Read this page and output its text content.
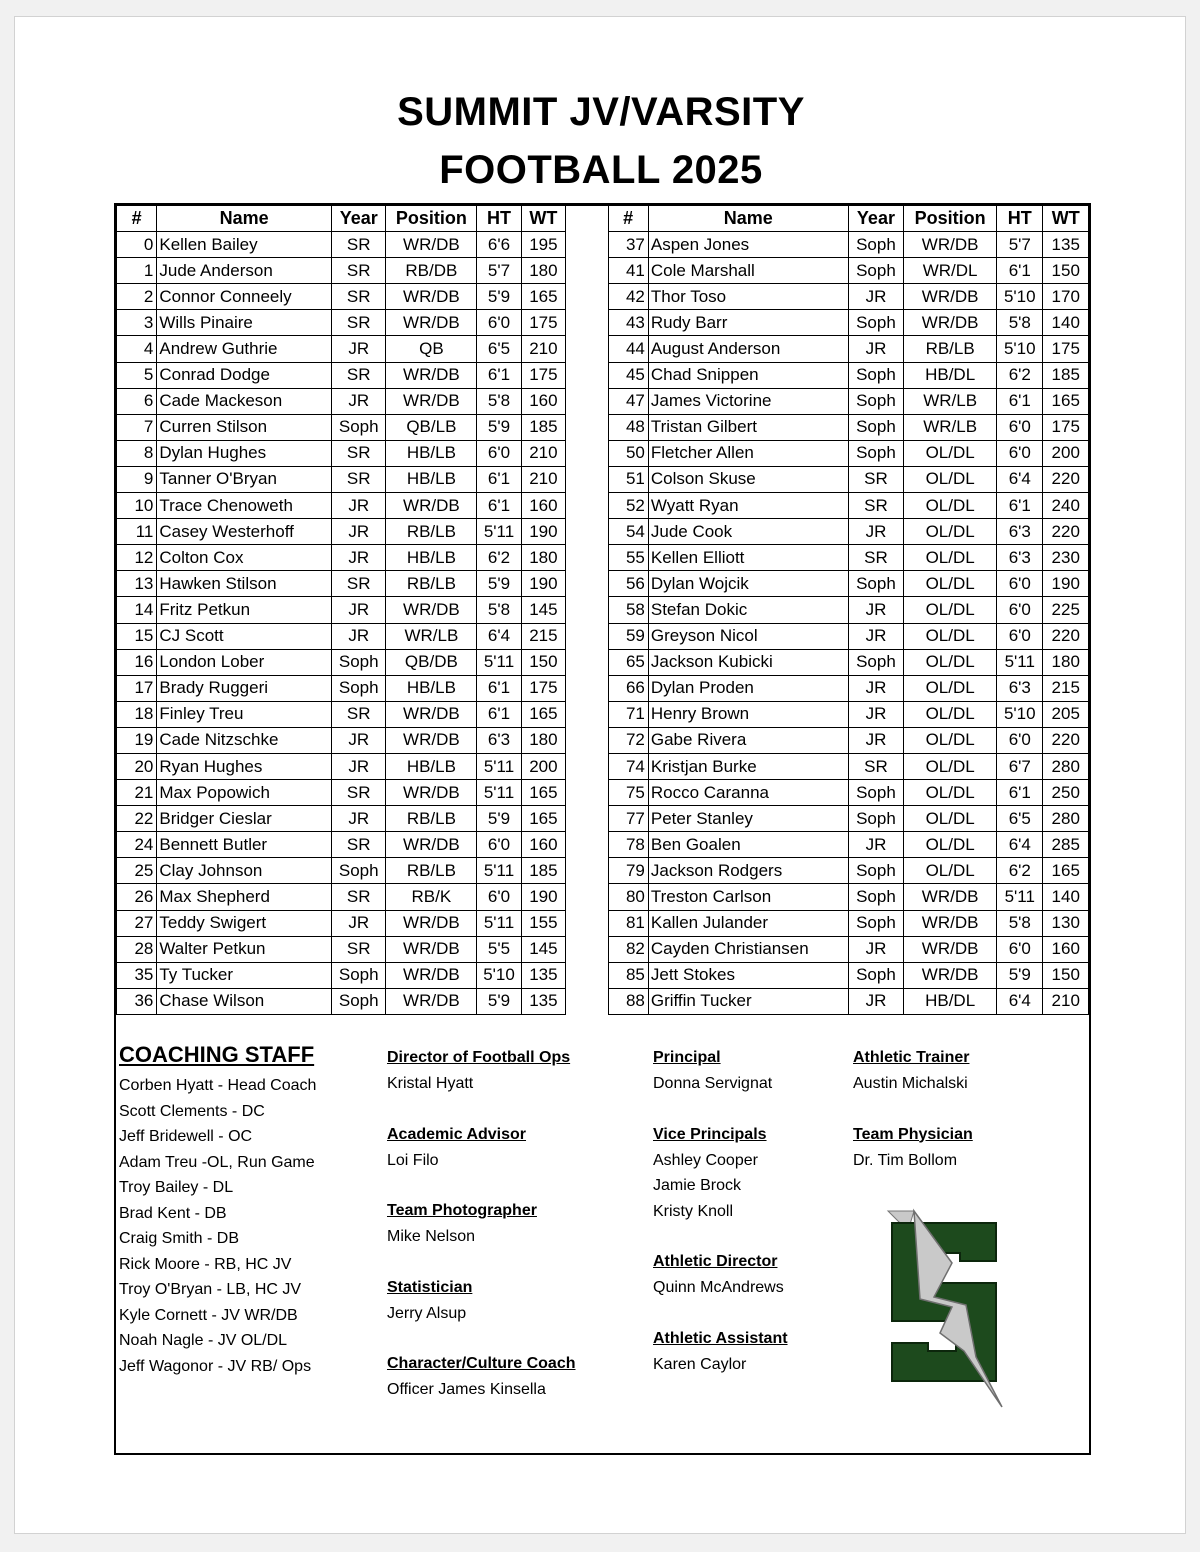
SUMMIT JV/VARSITY
FOOTBALL 2025
#	Name	Year	Position	HT	WT		#	Name	Year	Position	HT	WT
0	Kellen Bailey	SR	WR/DB	6'6	195		37	Aspen Jones	Soph	WR/DB	5'7	135
1	Jude Anderson	SR	RB/DB	5'7	180		41	Cole Marshall	Soph	WR/DL	6'1	150
2	Connor Conneely	SR	WR/DB	5'9	165		42	Thor Toso	JR	WR/DB	5'10	170
3	Wills Pinaire	SR	WR/DB	6'0	175		43	Rudy Barr	Soph	WR/DB	5'8	140
4	Andrew Guthrie	JR	QB	6'5	210		44	August Anderson	JR	RB/LB	5'10	175
5	Conrad Dodge	SR	WR/DB	6'1	175		45	Chad Snippen	Soph	HB/DL	6'2	185
6	Cade Mackeson	JR	WR/DB	5'8	160		47	James Victorine	Soph	WR/LB	6'1	165
7	Curren Stilson	Soph	QB/LB	5'9	185		48	Tristan Gilbert	Soph	WR/LB	6'0	175
8	Dylan Hughes	SR	HB/LB	6'0	210		50	Fletcher Allen	Soph	OL/DL	6'0	200
9	Tanner O'Bryan	SR	HB/LB	6'1	210		51	Colson Skuse	SR	OL/DL	6'4	220
10	Trace Chenoweth	JR	WR/DB	6'1	160		52	Wyatt Ryan	SR	OL/DL	6'1	240
11	Casey Westerhoff	JR	RB/LB	5'11	190		54	Jude Cook	JR	OL/DL	6'3	220
12	Colton Cox	JR	HB/LB	6'2	180		55	Kellen Elliott	SR	OL/DL	6'3	230
13	Hawken Stilson	SR	RB/LB	5'9	190		56	Dylan Wojcik	Soph	OL/DL	6'0	190
14	Fritz Petkun	JR	WR/DB	5'8	145		58	Stefan Dokic	JR	OL/DL	6'0	225
15	CJ Scott	JR	WR/LB	6'4	215		59	Greyson Nicol	JR	OL/DL	6'0	220
16	London Lober	Soph	QB/DB	5'11	150		65	Jackson Kubicki	Soph	OL/DL	5'11	180
17	Brady Ruggeri	Soph	HB/LB	6'1	175		66	Dylan Proden	JR	OL/DL	6'3	215
18	Finley Treu	SR	WR/DB	6'1	165		71	Henry Brown	JR	OL/DL	5'10	205
19	Cade Nitzschke	JR	WR/DB	6'3	180		72	Gabe Rivera	JR	OL/DL	6'0	220
20	Ryan Hughes	JR	HB/LB	5'11	200		74	Kristjan Burke	SR	OL/DL	6'7	280
21	Max Popowich	SR	WR/DB	5'11	165		75	Rocco Caranna	Soph	OL/DL	6'1	250
22	Bridger Cieslar	JR	RB/LB	5'9	165		77	Peter Stanley	Soph	OL/DL	6'5	280
24	Bennett Butler	SR	WR/DB	6'0	160		78	Ben Goalen	JR	OL/DL	6'4	285
25	Clay Johnson	Soph	RB/LB	5'11	185		79	Jackson Rodgers	Soph	OL/DL	6'2	165
26	Max Shepherd	SR	RB/K	6'0	190		80	Treston Carlson	Soph	WR/DB	5'11	140
27	Teddy Swigert	JR	WR/DB	5'11	155		81	Kallen Julander	Soph	WR/DB	5'8	130
28	Walter Petkun	SR	WR/DB	5'5	145		82	Cayden Christiansen	JR	WR/DB	6'0	160
35	Ty Tucker	Soph	WR/DB	5'10	135		85	Jett Stokes	Soph	WR/DB	5'9	150
36	Chase Wilson	Soph	WR/DB	5'9	135		88	Griffin Tucker	JR	HB/DL	6'4	210
COACHING STAFF
Corben Hyatt - Head Coach
Scott Clements - DC
Jeff Bridewell - OC
Adam Treu -OL, Run Game
Troy Bailey - DL
Brad Kent - DB
Craig Smith - DB
Rick Moore - RB, HC JV
Troy O'Bryan - LB, HC JV
Kyle Cornett - JV WR/DB
Noah Nagle - JV OL/DL
Jeff Wagonor - JV RB/ Ops
Director of Football Ops
Kristal Hyatt
Academic Advisor
Loi Filo
Team Photographer
Mike Nelson
Statistician
Jerry Alsup
Character/Culture Coach
Officer James Kinsella
Principal
Donna Servignat
Vice Principals
Ashley Cooper
Jamie Brock
Kristy Knoll
Athletic Director
Quinn McAndrews
Athletic Assistant
Karen Caylor
Athletic Trainer
Austin Michalski
Team Physician
Dr. Tim Bollom
